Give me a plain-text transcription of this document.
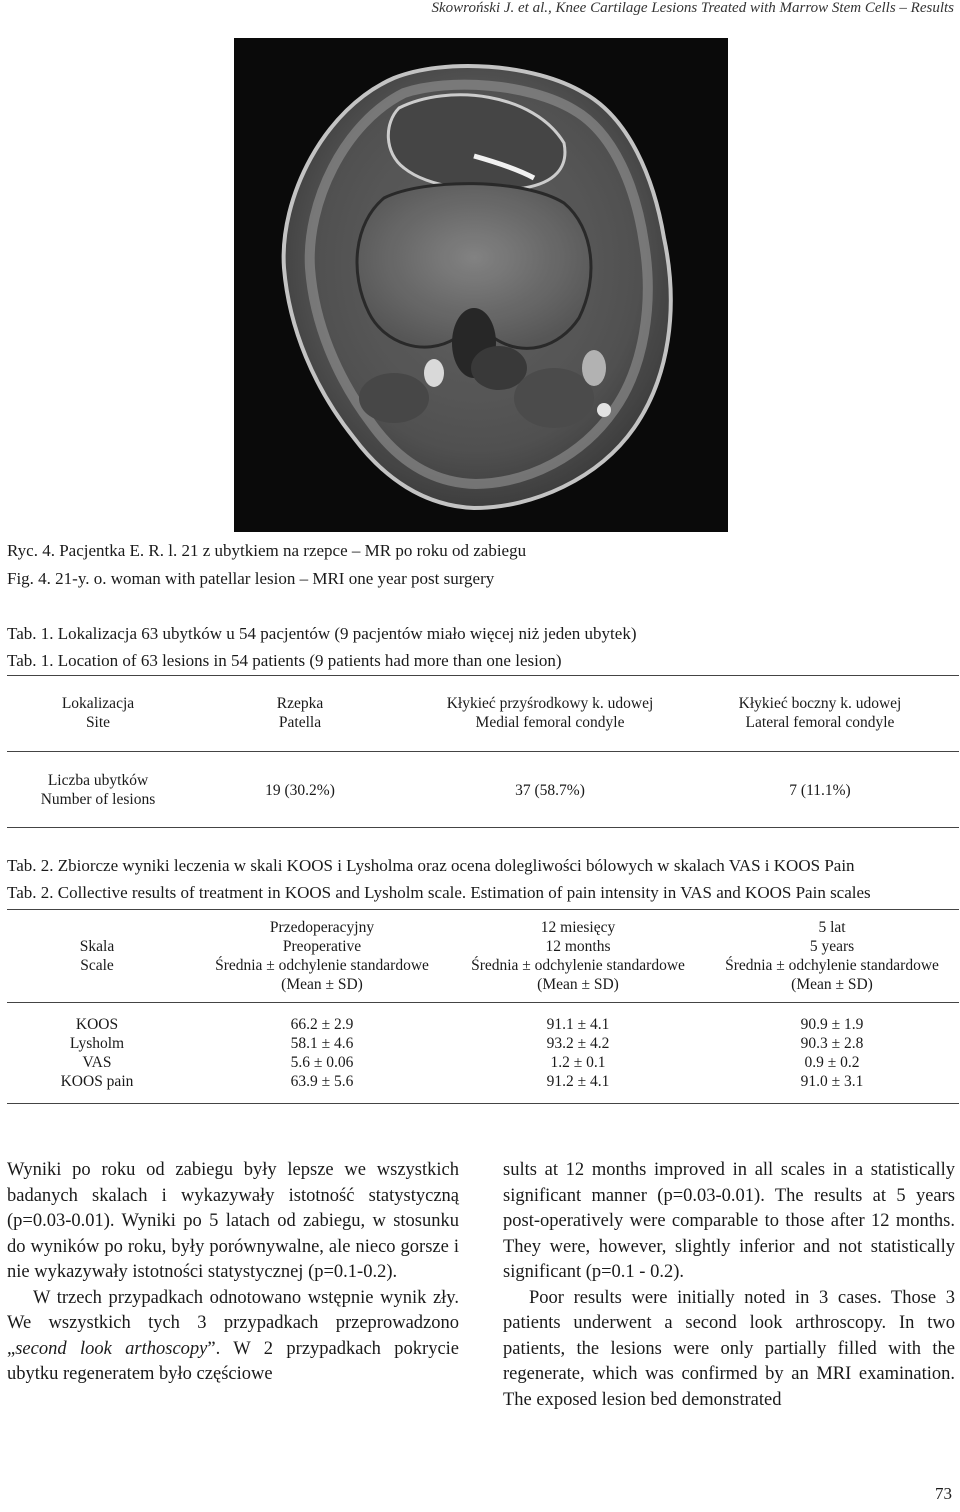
Skowroński J. et al., Knee Cartilage Lesions Treated with Marrow Stem Cells – Results
Ryc. 4. Pacjentka E. R. l. 21 z ubytkiem na rzepce – MR po roku od zabiegu
Fig. 4. 21-y. o. woman with patellar lesion – MRI one year post surgery
Tab. 1. Lokalizacja 63 ubytków u 54 pacjentów (9 pacjentów miało więcej niż jeden ubytek)
Tab. 1. Location of 63 lesions in 54 patients (9 patients had more than one lesion)
Lokalizacja
Site
Rzepka
Patella
Kłykieć przyśrodkowy k. udowej
Medial femoral condyle
Kłykieć boczny k. udowej
Lateral femoral condyle
Liczba ubytków
Number of lesions
19 (30.2%)	37 (58.7%)	7 (11.1%)
Tab. 2. Zbiorcze wyniki leczenia w skali KOOS i Lysholma oraz ocena dolegliwości bólowych w skalach VAS i KOOS Pain
Tab. 2. Collective results of treatment in KOOS and Lysholm scale. Estimation of pain intensity in VAS and KOOS Pain scales
Skala
Scale
Przedoperacyjny
Preoperative
Średnia ± odchylenie standardowe
(Mean ± SD)
12 miesięcy
12 months
Średnia ± odchylenie standardowe
(Mean ± SD)
5 lat
5 years
Średnia ± odchylenie standardowe
(Mean ± SD)
KOOS
Lysholm
VAS
KOOS pain
66.2 ± 2.9
58.1 ± 4.6
5.6 ± 0.06
63.9 ± 5.6
91.1 ± 4.1
93.2 ± 4.2
1.2 ± 0.1
91.2 ± 4.1
90.9 ± 1.9
90.3 ± 2.8
0.9 ± 0.2
91.0 ± 3.1

Wyniki po roku od zabiegu były lepsze we wszystkich badanych skalach i wykazywały istotność statystyczną (p=0.03-0.01). Wyniki po 5 latach od zabiegu, w stosunku do wyników po roku, były porównywalne, ale nieco gorsze i nie wykazywały istotności statystycznej (p=0.1-0.2).

W trzech przypadkach odnotowano wstępnie wynik zły. We wszystkich tych 3 przypadkach przeprowadzono „second look arthoscopy”. W 2 przypadkach pokrycie ubytku regeneratem było częściowe

sults at 12 months improved in all scales in a statistically significant manner (p=0.03-0.01). The results at 5 years post-operatively were comparable to those after 12 months. They were, however, slightly inferior and not statistically significant (p=0.1 - 0.2).

Poor results were initially noted in 3 cases. Those 3 patients underwent a second look arthroscopy. In two patients, the lesions were only partially filled with the regenerate, which was confirmed by an MRI examination. The exposed lesion bed demonstrated

73
